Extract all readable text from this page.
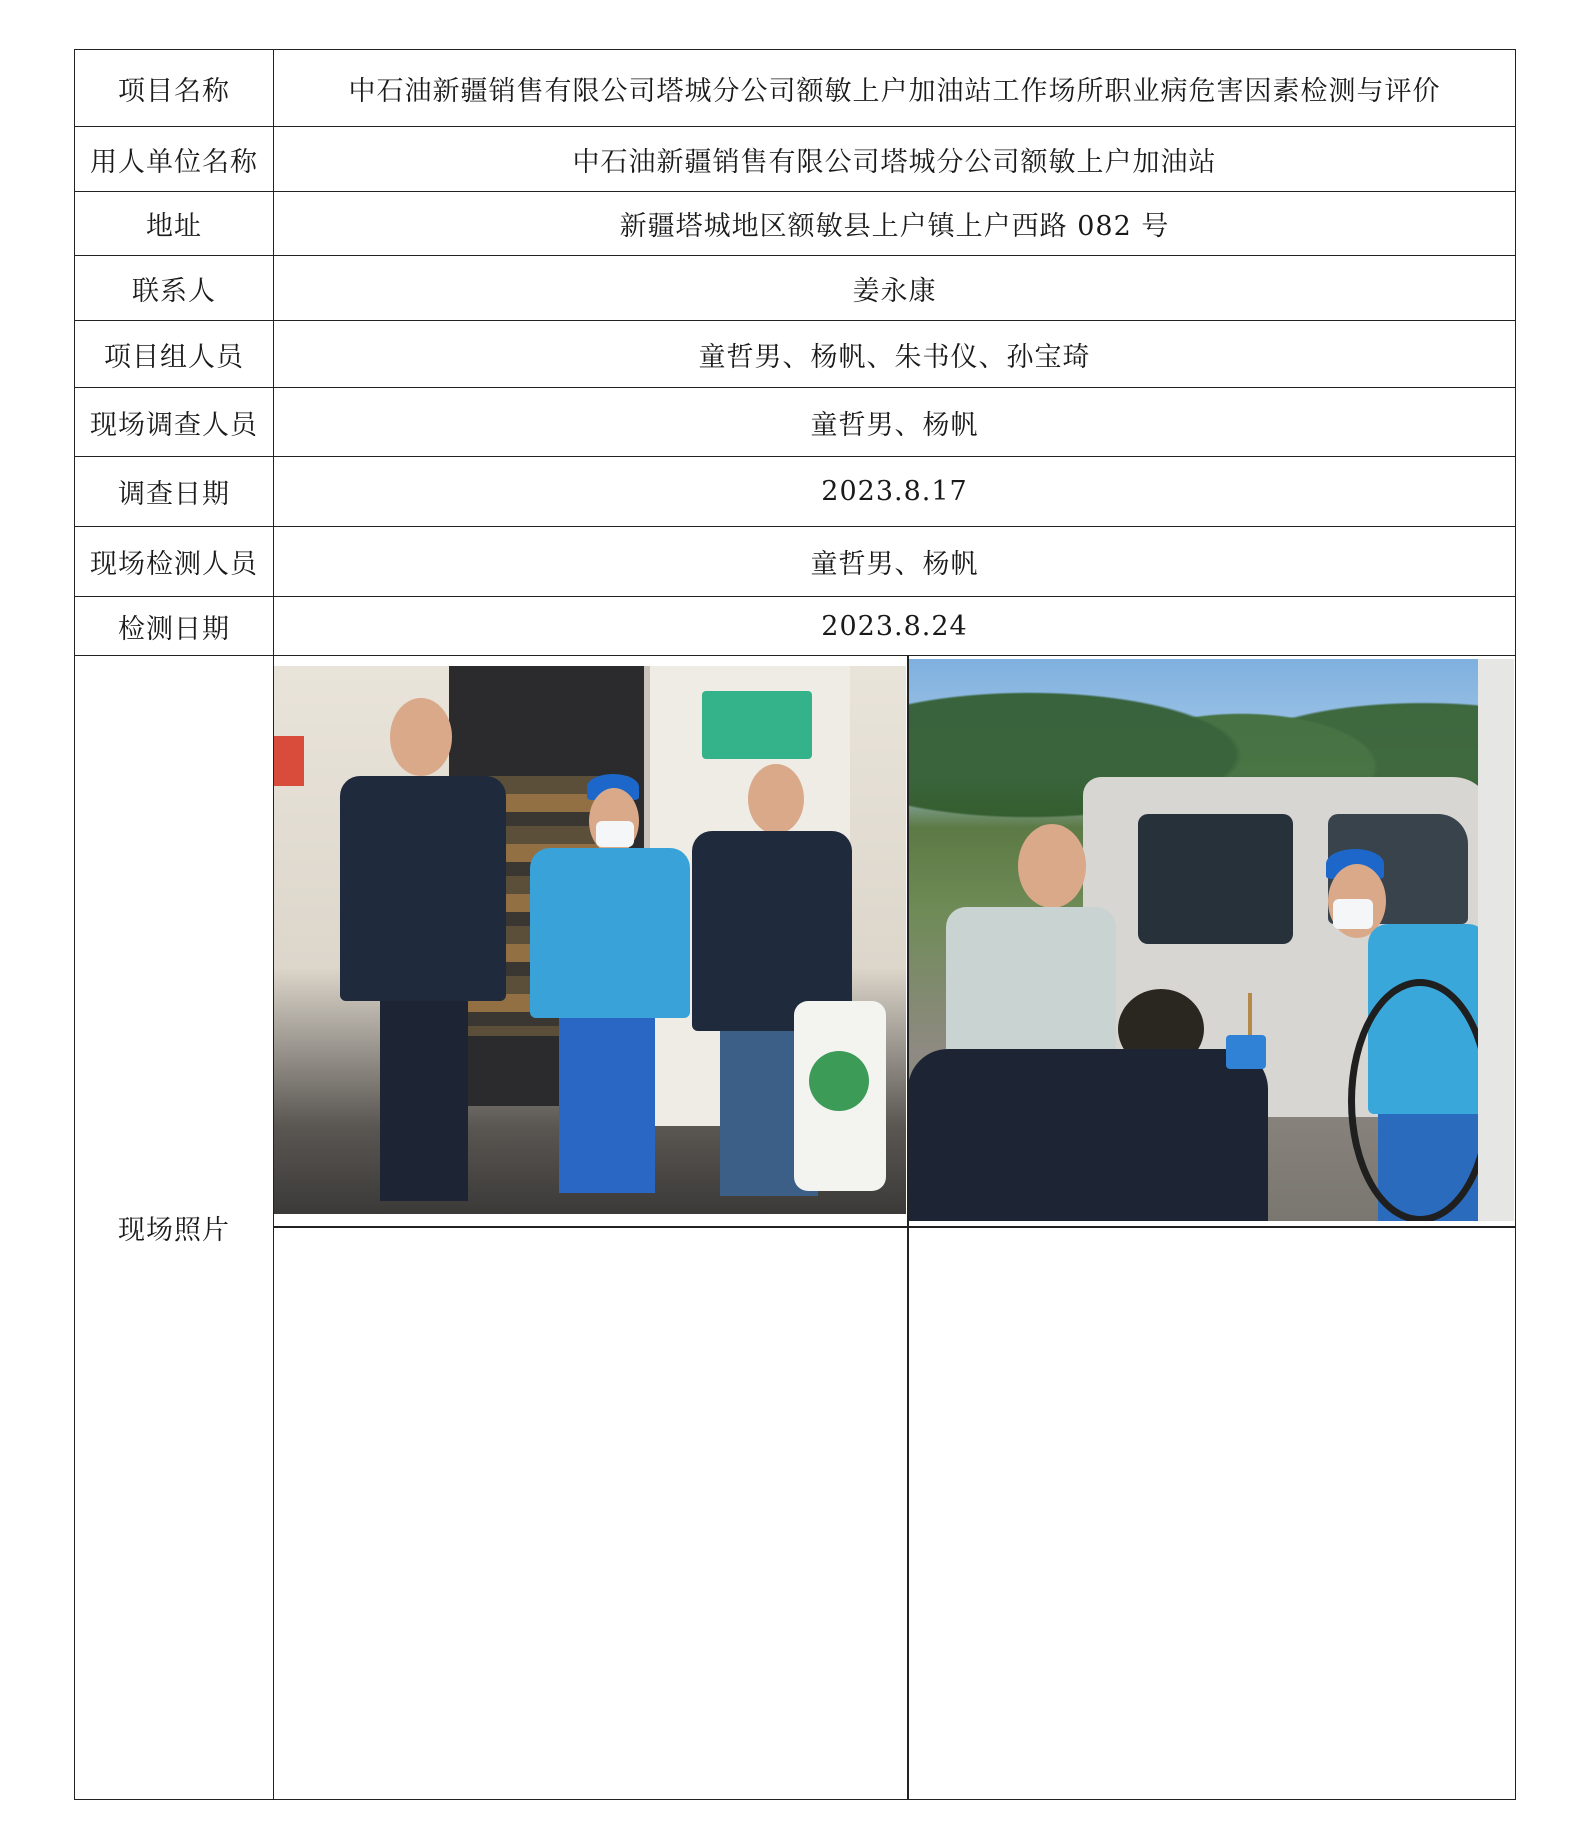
项目名称	中石油新疆销售有限公司塔城分公司额敏上户加油站工作场所职业病危害因素检测与评价
用人单位名称	中石油新疆销售有限公司塔城分公司额敏上户加油站
地址	新疆塔城地区额敏县上户镇上户西路 082 号
联系人	姜永康
项目组人员	童哲男、杨帆、朱书仪、孙宝琦
现场调查人员	童哲男、杨帆
调查日期	2023.8.17
现场检测人员	童哲男、杨帆
检测日期	2023.8.24
现场照片	
